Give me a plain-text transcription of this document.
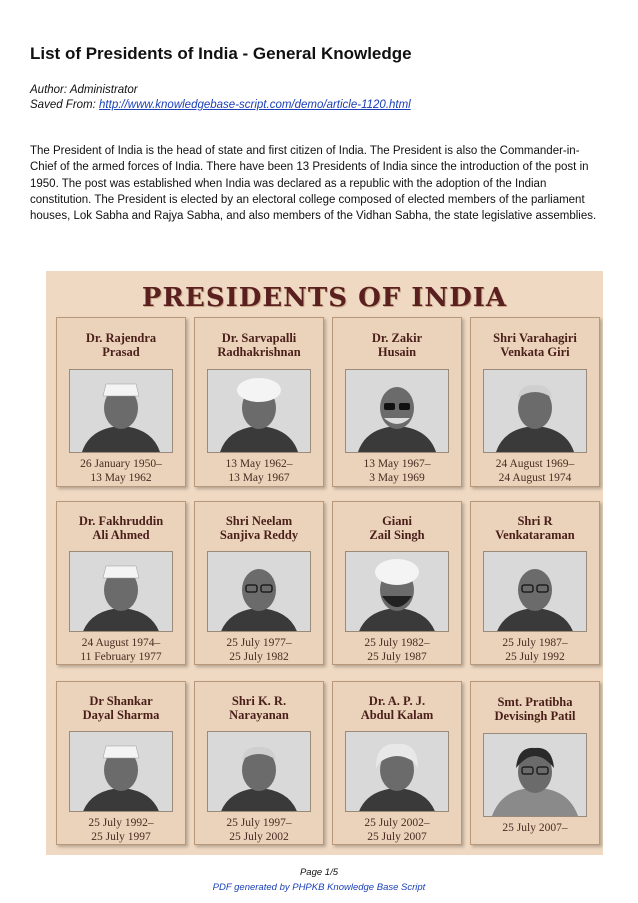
List of Presidents of India - General Knowledge
Author: Administrator
Saved From: http://www.knowledgebase-script.com/demo/article-1120.html

The President of India is the head of state and first citizen of India. The President is also the Commander-in-Chief of the armed forces of India. There have been 13 Presidents of India since the introduction of the post in 1950. The post was established when India was declared as a republic with the adoption of the Indian constitution. The President is elected by an electoral college composed of elected members of the parliament houses, Lok Sabha and Rajya Sabha, and also members of the Vidhan Sabha, the state legislative assemblies.

PRESIDENTS OF INDIA
Dr. Rajendra
Prasad
26 January 1950–
13 May 1962
Dr. Sarvapalli
Radhakrishnan
13 May 1962–
13 May 1967
Dr. Zakir
Husain
13 May 1967–
3 May 1969
Shri Varahagiri
Venkata Giri
24 August 1969–
24 August 1974
Dr. Fakhruddin
Ali Ahmed
24 August 1974–
11 February 1977
Shri Neelam
Sanjiva Reddy
25 July 1977–
25 July 1982
Giani
Zail Singh
25 July 1982–
25 July 1987
Shri R
Venkataraman
25 July 1987–
25 July 1992
Dr Shankar
Dayal Sharma
25 July 1992–
25 July 1997
Shri K. R.
Narayanan
25 July 1997–
25 July 2002
Dr. A. P. J.
Abdul Kalam
25 July 2002–
25 July 2007
Smt. Pratibha
Devisingh Patil
25 July 2007–
Page 1/5
PDF generated by PHPKB Knowledge Base Script
